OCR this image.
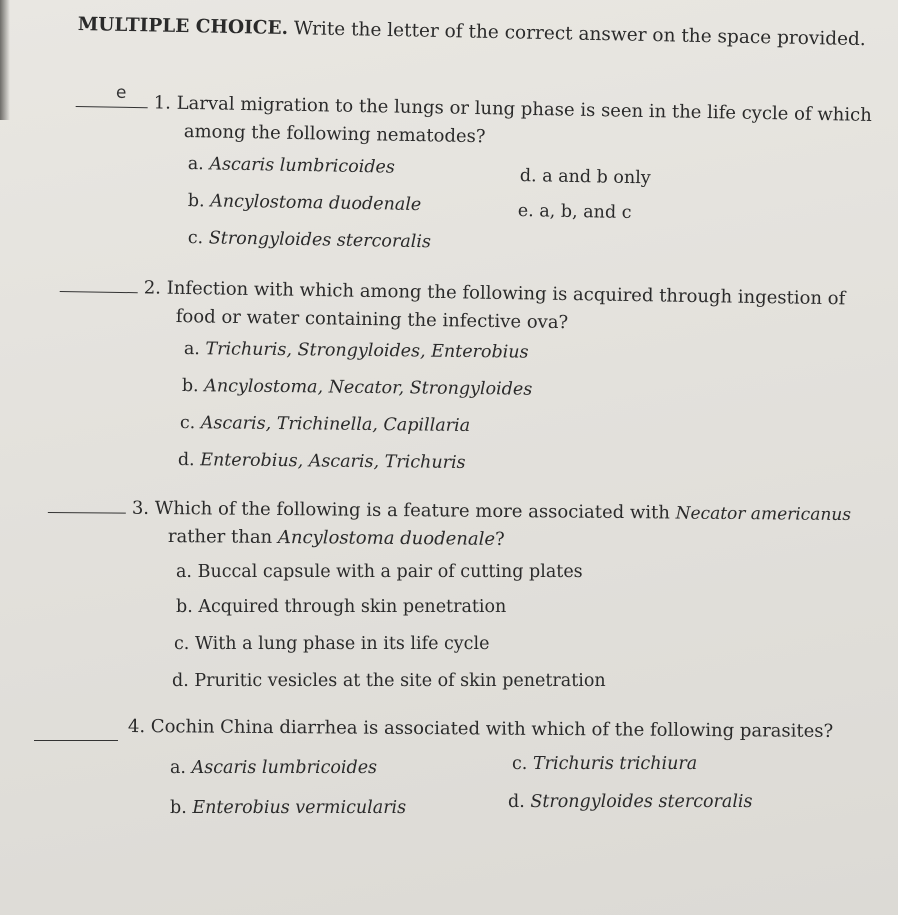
MULTIPLE CHOICE. Write the letter of the correct answer on the space provided.
e 1. Larval migration to the lungs or lung phase is seen in the life cycle of which
among the following nematodes?
a. Ascaris lumbricoides
b. Ancylostoma duodenale
c. Strongyloides stercoralis
d. a and b only
e. a, b, and c
2. Infection with which among the following is acquired through ingestion of
food or water containing the infective ova?
a. Trichuris, Strongyloides, Enterobius
b. Ancylostoma, Necator, Strongyloides
c. Ascaris, Trichinella, Capillaria
d. Enterobius, Ascaris, Trichuris
3. Which of the following is a feature more associated with Necator americanus
rather than Ancylostoma duodenale?
a. Buccal capsule with a pair of cutting plates
b. Acquired through skin penetration
c. With a lung phase in its life cycle
d. Pruritic vesicles at the site of skin penetration
4. Cochin China diarrhea is associated with which of the following parasites?
a. Ascaris lumbricoides
b. Enterobius vermicularis
c. Trichuris trichiura
d. Strongyloides stercoralis
